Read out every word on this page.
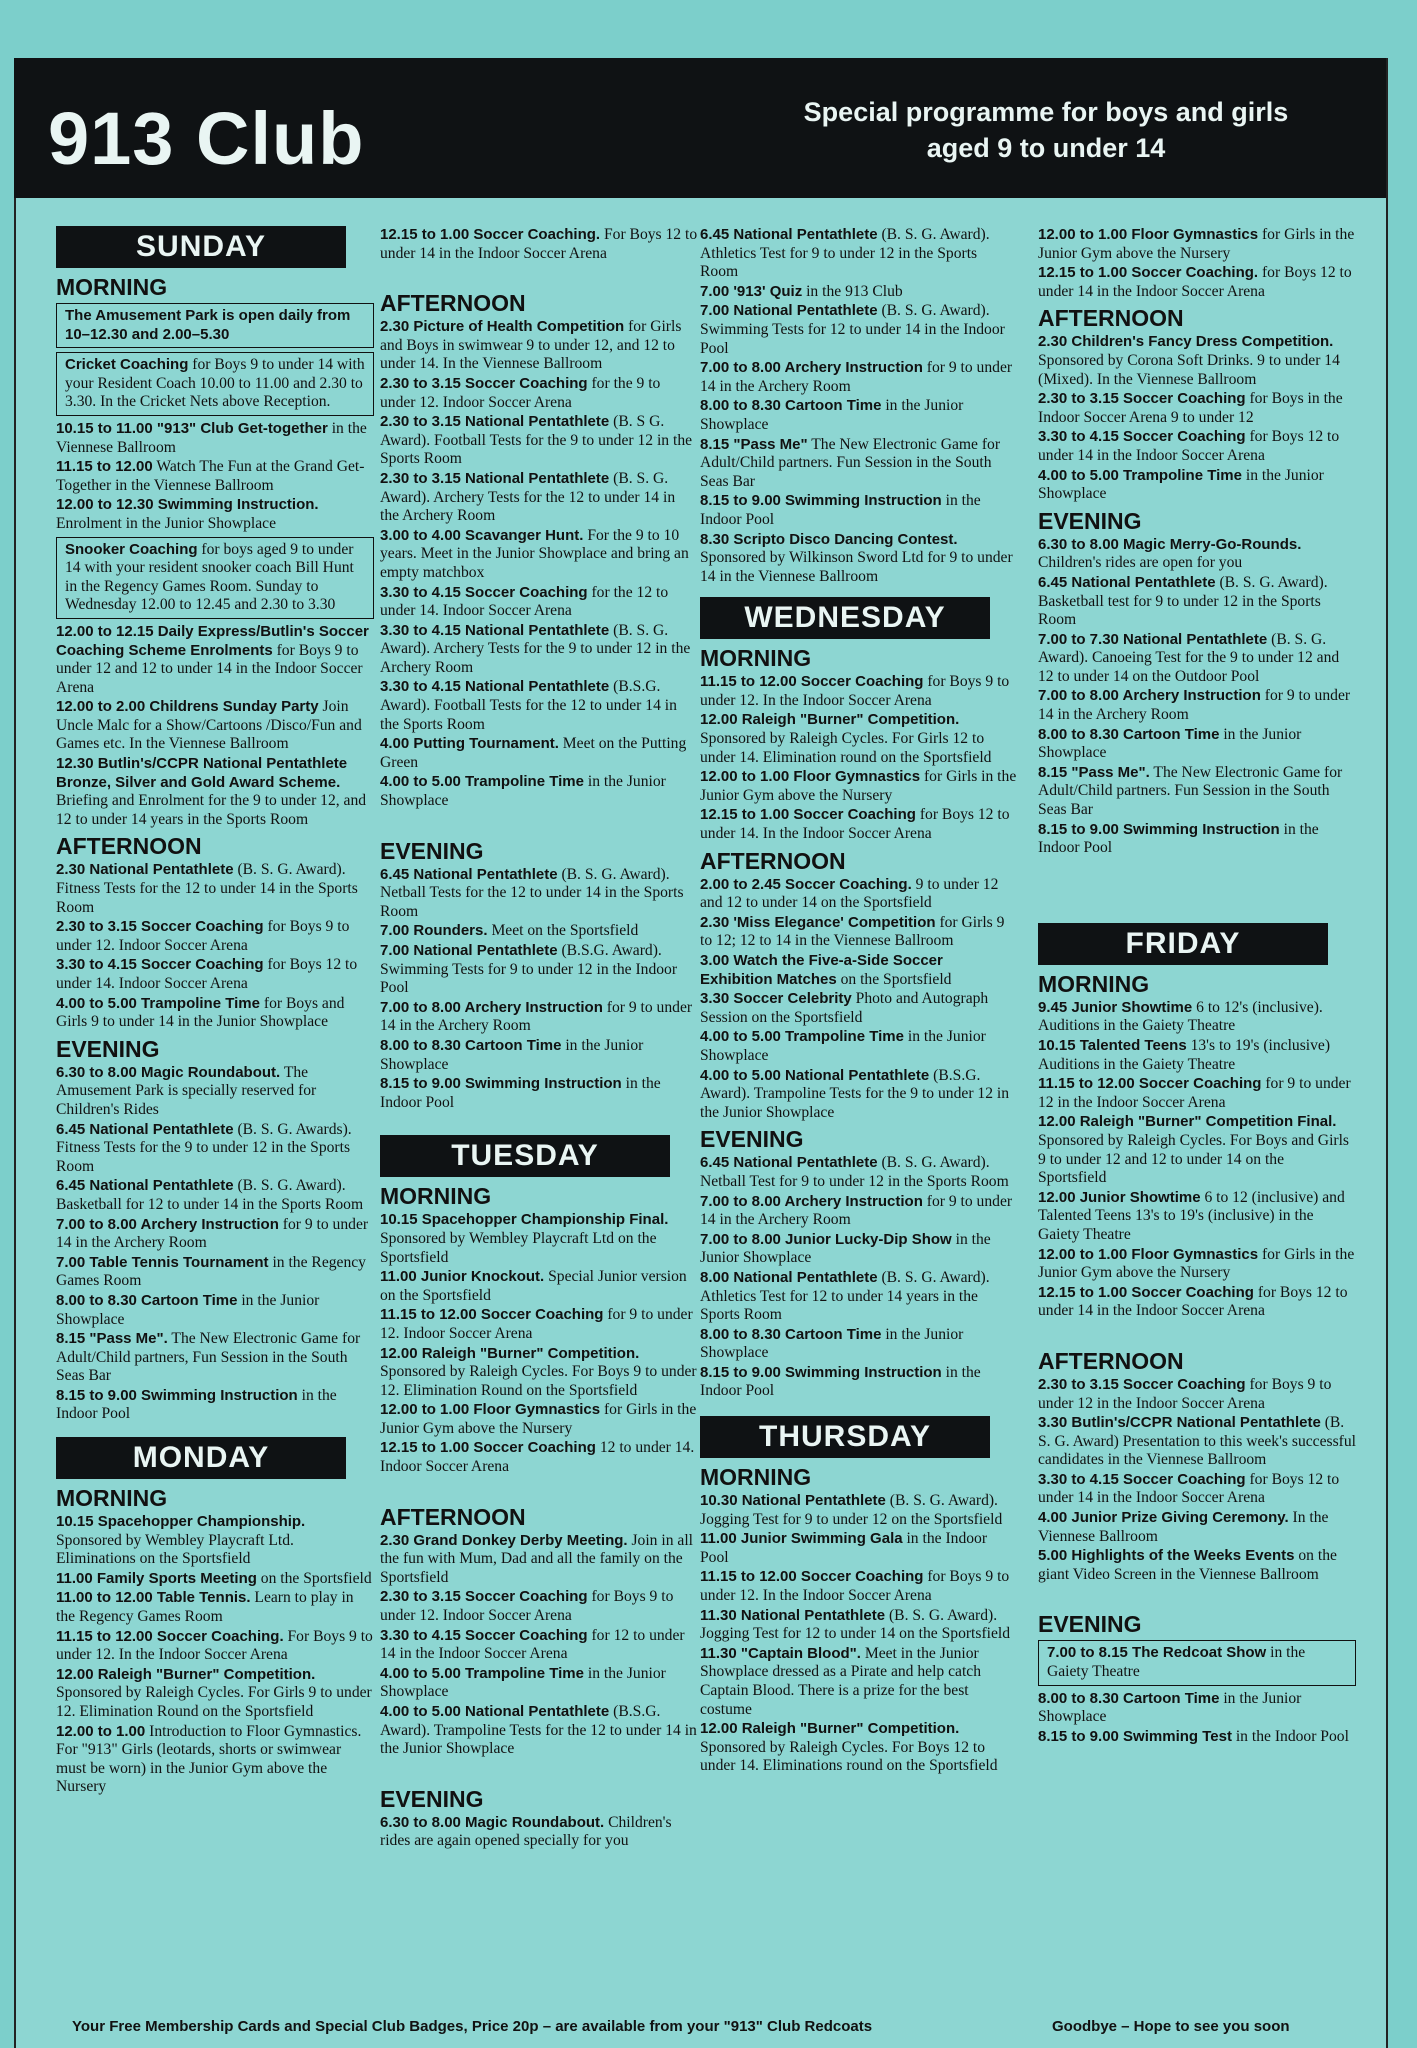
913 Club	Special programme for boys and girls
aged 9 to under 14
SUNDAY
MORNING
The Amusement Park is open daily from 10–12.30 and 2.00–5.30
Cricket Coaching for Boys 9 to under 14 with your Resident Coach 10.00 to 11.00 and 2.30 to 3.30. In the Cricket Nets above Reception.
10.15 to 11.00 "913" Club Get-together in the Viennese Ballroom
11.15 to 12.00 Watch The Fun at the Grand Get-Together in the Viennese Ballroom
12.00 to 12.30 Swimming Instruction. Enrolment in the Junior Showplace
Snooker Coaching for boys aged 9 to under 14 with your resident snooker coach Bill Hunt in the Regency Games Room. Sunday to Wednesday 12.00 to 12.45 and 2.30 to 3.30
12.00 to 12.15 Daily Express/Butlin's Soccer Coaching Scheme Enrolments for Boys 9 to under 12 and 12 to under 14 in the Indoor Soccer Arena
12.00 to 2.00 Childrens Sunday Party Join Uncle Malc for a Show/Cartoons /Disco/Fun and Games etc. In the Viennese Ballroom
12.30 Butlin's/CCPR National Pentathlete Bronze, Silver and Gold Award Scheme. Briefing and Enrolment for the 9 to under 12, and 12 to under 14 years in the Sports Room
AFTERNOON
2.30 National Pentathlete (B. S. G. Award). Fitness Tests for the 12 to under 14 in the Sports Room
2.30 to 3.15 Soccer Coaching for Boys 9 to under 12. Indoor Soccer Arena
3.30 to 4.15 Soccer Coaching for Boys 12 to under 14. Indoor Soccer Arena
4.00 to 5.00 Trampoline Time for Boys and Girls 9 to under 14 in the Junior Showplace
EVENING
6.30 to 8.00 Magic Roundabout. The Amusement Park is specially reserved for Children's Rides
6.45 National Pentathlete (B. S. G. Awards). Fitness Tests for the 9 to under 12 in the Sports Room
6.45 National Pentathlete (B. S. G. Award). Basketball for 12 to under 14 in the Sports Room
7.00 to 8.00 Archery Instruction for 9 to under 14 in the Archery Room
7.00 Table Tennis Tournament in the Regency Games Room
8.00 to 8.30 Cartoon Time in the Junior Showplace
8.15 "Pass Me". The New Electronic Game for Adult/Child partners, Fun Session in the South Seas Bar
8.15 to 9.00 Swimming Instruction in the Indoor Pool
MONDAY
MORNING
10.15 Spacehopper Championship. Sponsored by Wembley Playcraft Ltd. Eliminations on the Sportsfield
11.00 Family Sports Meeting on the Sportsfield
11.00 to 12.00 Table Tennis. Learn to play in the Regency Games Room
11.15 to 12.00 Soccer Coaching. For Boys 9 to under 12. In the Indoor Soccer Arena
12.00 Raleigh "Burner" Competition. Sponsored by Raleigh Cycles. For Girls 9 to under 12. Elimination Round on the Sportsfield
12.00 to 1.00 Introduction to Floor Gymnastics. For "913" Girls (leotards, shorts or swimwear must be worn) in the Junior Gym above the Nursery
12.15 to 1.00 Soccer Coaching. For Boys 12 to under 14 in the Indoor Soccer Arena
AFTERNOON
2.30 Picture of Health Competition for Girls and Boys in swimwear 9 to under 12, and 12 to under 14. In the Viennese Ballroom
2.30 to 3.15 Soccer Coaching for the 9 to under 12. Indoor Soccer Arena
2.30 to 3.15 National Pentathlete (B. S G. Award). Football Tests for the 9 to under 12 in the Sports Room
2.30 to 3.15 National Pentathlete (B. S. G. Award). Archery Tests for the 12 to under 14 in the Archery Room
3.00 to 4.00 Scavanger Hunt. For the 9 to 10 years. Meet in the Junior Showplace and bring an empty matchbox
3.30 to 4.15 Soccer Coaching for the 12 to under 14. Indoor Soccer Arena
3.30 to 4.15 National Pentathlete (B. S. G. Award). Archery Tests for the 9 to under 12 in the Archery Room
3.30 to 4.15 National Pentathlete (B.S.G. Award). Football Tests for the 12 to under 14 in the Sports Room
4.00 Putting Tournament. Meet on the Putting Green
4.00 to 5.00 Trampoline Time in the Junior Showplace
EVENING
6.45 National Pentathlete (B. S. G. Award). Netball Tests for the 12 to under 14 in the Sports Room
7.00 Rounders. Meet on the Sportsfield
7.00 National Pentathlete (B.S.G. Award). Swimming Tests for 9 to under 12 in the Indoor Pool
7.00 to 8.00 Archery Instruction for 9 to under 14 in the Archery Room
8.00 to 8.30 Cartoon Time in the Junior Showplace
8.15 to 9.00 Swimming Instruction in the Indoor Pool
TUESDAY
MORNING
10.15 Spacehopper Championship Final. Sponsored by Wembley Playcraft Ltd on the Sportsfield
11.00 Junior Knockout. Special Junior version on the Sportsfield
11.15 to 12.00 Soccer Coaching for 9 to under 12. Indoor Soccer Arena
12.00 Raleigh "Burner" Competition. Sponsored by Raleigh Cycles. For Boys 9 to under 12. Elimination Round on the Sportsfield
12.00 to 1.00 Floor Gymnastics for Girls in the Junior Gym above the Nursery
12.15 to 1.00 Soccer Coaching 12 to under 14. Indoor Soccer Arena
AFTERNOON
2.30 Grand Donkey Derby Meeting. Join in all the fun with Mum, Dad and all the family on the Sportsfield
2.30 to 3.15 Soccer Coaching for Boys 9 to under 12. Indoor Soccer Arena
3.30 to 4.15 Soccer Coaching for 12 to under 14 in the Indoor Soccer Arena
4.00 to 5.00 Trampoline Time in the Junior Showplace
4.00 to 5.00 National Pentathlete (B.S.G. Award). Trampoline Tests for the 12 to under 14 in the Junior Showplace
EVENING
6.30 to 8.00 Magic Roundabout. Children's rides are again opened specially for you
6.45 National Pentathlete (B. S. G. Award). Athletics Test for 9 to under 12 in the Sports Room
7.00 '913' Quiz in the 913 Club
7.00 National Pentathlete (B. S. G. Award). Swimming Tests for 12 to under 14 in the Indoor Pool
7.00 to 8.00 Archery Instruction for 9 to under 14 in the Archery Room
8.00 to 8.30 Cartoon Time in the Junior Showplace
8.15 "Pass Me" The New Electronic Game for Adult/Child partners. Fun Session in the South Seas Bar
8.15 to 9.00 Swimming Instruction in the Indoor Pool
8.30 Scripto Disco Dancing Contest. Sponsored by Wilkinson Sword Ltd for 9 to under 14 in the Viennese Ballroom
WEDNESDAY
MORNING
11.15 to 12.00 Soccer Coaching for Boys 9 to under 12. In the Indoor Soccer Arena
12.00 Raleigh "Burner" Competition. Sponsored by Raleigh Cycles. For Girls 12 to under 14. Elimination round on the Sportsfield
12.00 to 1.00 Floor Gymnastics for Girls in the Junior Gym above the Nursery
12.15 to 1.00 Soccer Coaching for Boys 12 to under 14. In the Indoor Soccer Arena
AFTERNOON
2.00 to 2.45 Soccer Coaching. 9 to under 12 and 12 to under 14 on the Sportsfield
2.30 'Miss Elegance' Competition for Girls 9 to 12; 12 to 14 in the Viennese Ballroom
3.00 Watch the Five-a-Side Soccer Exhibition Matches on the Sportsfield
3.30 Soccer Celebrity Photo and Autograph Session on the Sportsfield
4.00 to 5.00 Trampoline Time in the Junior Showplace
4.00 to 5.00 National Pentathlete (B.S.G. Award). Trampoline Tests for the 9 to under 12 in the Junior Showplace
EVENING
6.45 National Pentathlete (B. S. G. Award). Netball Test for 9 to under 12 in the Sports Room
7.00 to 8.00 Archery Instruction for 9 to under 14 in the Archery Room
7.00 to 8.00 Junior Lucky-Dip Show in the Junior Showplace
8.00 National Pentathlete (B. S. G. Award). Athletics Test for 12 to under 14 years in the Sports Room
8.00 to 8.30 Cartoon Time in the Junior Showplace
8.15 to 9.00 Swimming Instruction in the Indoor Pool
THURSDAY
MORNING
10.30 National Pentathlete (B. S. G. Award). Jogging Test for 9 to under 12 on the Sportsfield
11.00 Junior Swimming Gala in the Indoor Pool
11.15 to 12.00 Soccer Coaching for Boys 9 to under 12. In the Indoor Soccer Arena
11.30 National Pentathlete (B. S. G. Award). Jogging Test for 12 to under 14 on the Sportsfield
11.30 "Captain Blood". Meet in the Junior Showplace dressed as a Pirate and help catch Captain Blood. There is a prize for the best costume
12.00 Raleigh "Burner" Competition. Sponsored by Raleigh Cycles. For Boys 12 to under 14. Eliminations round on the Sportsfield
12.00 to 1.00 Floor Gymnastics for Girls in the Junior Gym above the Nursery
12.15 to 1.00 Soccer Coaching. for Boys 12 to under 14 in the Indoor Soccer Arena
AFTERNOON
2.30 Children's Fancy Dress Competition. Sponsored by Corona Soft Drinks. 9 to under 14 (Mixed). In the Viennese Ballroom
2.30 to 3.15 Soccer Coaching for Boys in the Indoor Soccer Arena 9 to under 12
3.30 to 4.15 Soccer Coaching for Boys 12 to under 14 in the Indoor Soccer Arena
4.00 to 5.00 Trampoline Time in the Junior Showplace
EVENING
6.30 to 8.00 Magic Merry-Go-Rounds. Children's rides are open for you
6.45 National Pentathlete (B. S. G. Award). Basketball test for 9 to under 12 in the Sports Room
7.00 to 7.30 National Pentathlete (B. S. G. Award). Canoeing Test for the 9 to under 12 and 12 to under 14 on the Outdoor Pool
7.00 to 8.00 Archery Instruction for 9 to under 14 in the Archery Room
8.00 to 8.30 Cartoon Time in the Junior Showplace
8.15 "Pass Me". The New Electronic Game for Adult/Child partners. Fun Session in the South Seas Bar
8.15 to 9.00 Swimming Instruction in the Indoor Pool
FRIDAY
MORNING
9.45 Junior Showtime 6 to 12's (inclusive). Auditions in the Gaiety Theatre
10.15 Talented Teens 13's to 19's (inclusive) Auditions in the Gaiety Theatre
11.15 to 12.00 Soccer Coaching for 9 to under 12 in the Indoor Soccer Arena
12.00 Raleigh "Burner" Competition Final. Sponsored by Raleigh Cycles. For Boys and Girls 9 to under 12 and 12 to under 14 on the Sportsfield
12.00 Junior Showtime 6 to 12 (inclusive) and Talented Teens 13's to 19's (inclusive) in the Gaiety Theatre
12.00 to 1.00 Floor Gymnastics for Girls in the Junior Gym above the Nursery
12.15 to 1.00 Soccer Coaching for Boys 12 to under 14 in the Indoor Soccer Arena
AFTERNOON
2.30 to 3.15 Soccer Coaching for Boys 9 to under 12 in the Indoor Soccer Arena
3.30 Butlin's/CCPR National Pentathlete (B. S. G. Award) Presentation to this week's successful candidates in the Viennese Ballroom
3.30 to 4.15 Soccer Coaching for Boys 12 to under 14 in the Indoor Soccer Arena
4.00 Junior Prize Giving Ceremony. In the Viennese Ballroom
5.00 Highlights of the Weeks Events on the giant Video Screen in the Viennese Ballroom
EVENING
7.00 to 8.15 The Redcoat Show in the Gaiety Theatre
8.00 to 8.30 Cartoon Time in the Junior Showplace
8.15 to 9.00 Swimming Test in the Indoor Pool
Your Free Membership Cards and Special Club Badges, Price 20p – are available from your "913" Club Redcoats	Goodbye – Hope to see you soon
